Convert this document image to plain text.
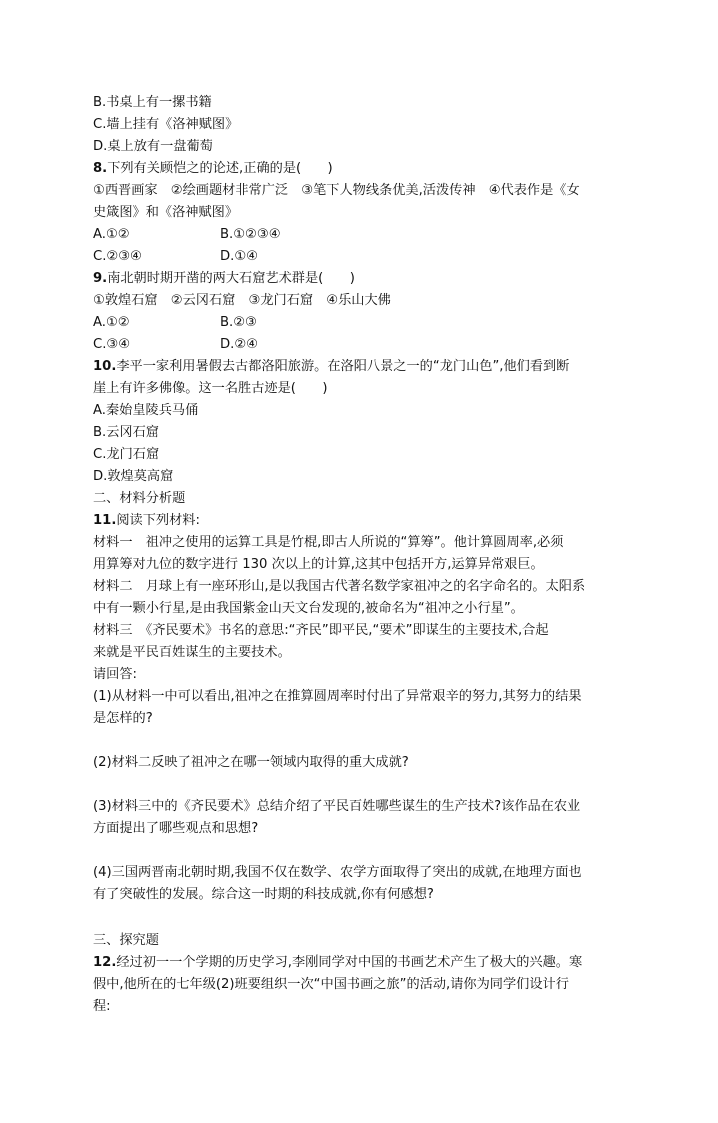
B.书桌上有一摞书籍
C.墙上挂有《洛神赋图》
D.桌上放有一盘葡萄
8.下列有关顾恺之的论述,正确的是(　　)
①西晋画家　②绘画题材非常广泛　③笔下人物线条优美,活泼传神　④代表作是《女
史箴图》和《洛神赋图》
A.①②	B.①②③④
C.②③④	D.①④
9.南北朝时期开凿的两大石窟艺术群是(　　)
①敦煌石窟　②云冈石窟　③龙门石窟　④乐山大佛
A.①②	B.②③
C.③④	D.②④
10.李平一家利用暑假去古都洛阳旅游。在洛阳八景之一的“龙门山色”,他们看到断
崖上有许多佛像。这一名胜古迹是(　　)
A.秦始皇陵兵马俑
B.云冈石窟
C.龙门石窟
D.敦煌莫高窟
二、材料分析题
11.阅读下列材料:
材料一　祖冲之使用的运算工具是竹棍,即古人所说的“算筹”。他计算圆周率,必须
用算筹对九位的数字进行 130 次以上的计算,这其中包括开方,运算异常艰巨。
材料二　月球上有一座环形山,是以我国古代著名数学家祖冲之的名字命名的。太阳系
中有一颗小行星,是由我国紫金山天文台发现的,被命名为“祖冲之小行星”。
材料三　《齐民要术》书名的意思:“齐民”即平民,“要术”即谋生的主要技术,合起
来就是平民百姓谋生的主要技术。
请回答:
(1)从材料一中可以看出,祖冲之在推算圆周率时付出了异常艰辛的努力,其努力的结果
是怎样的?
(2)材料二反映了祖冲之在哪一领域内取得的重大成就?
(3)材料三中的《齐民要术》总结介绍了平民百姓哪些谋生的生产技术?该作品在农业
方面提出了哪些观点和思想?
(4)三国两晋南北朝时期,我国不仅在数学、农学方面取得了突出的成就,在地理方面也
有了突破性的发展。综合这一时期的科技成就,你有何感想?
三、探究题
12.经过初一一个学期的历史学习,李刚同学对中国的书画艺术产生了极大的兴趣。寒
假中,他所在的七年级(2)班要组织一次“中国书画之旅”的活动,请你为同学们设计行
程:
